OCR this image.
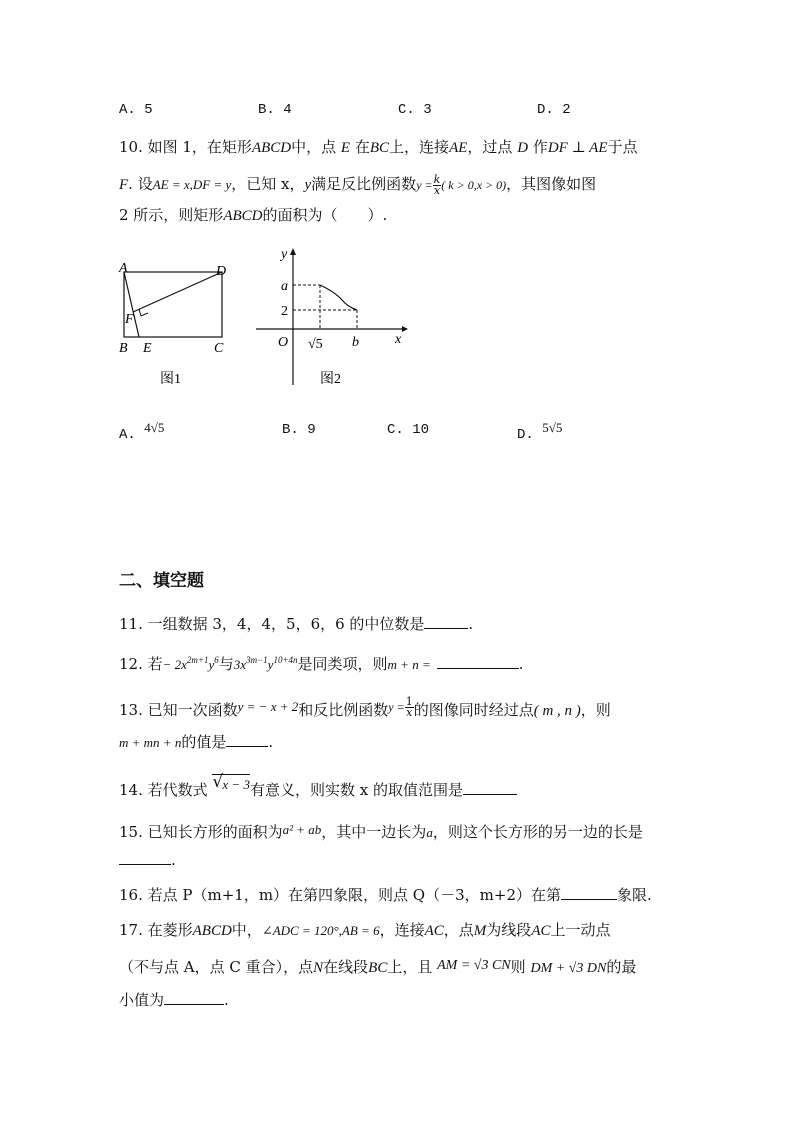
A. 5	B. 4	C. 3	D. 2
10. 如图 1，在矩形ABCD中，点 E 在BC上，连接AE，过点 D 作DF ⊥ AE于点
F. 设AE = x,DF = y，已知 x，y满足反比例函数$y = \frac{k}{x}$ ( k > 0,x > 0)，其图像如图
2 所示，则矩形ABCD的面积为（　　）.
A	D
F
B E	C
图1
y
a
2
O √5 b	x
图2
A. 4√5	B. 9	C. 10	D. 5√5
二、填空题
11. 一组数据 3，4，4，5，6，6 的中位数是	.
12. 若− $2x^{2m+1}y^6$与$3x^{3m-1}y^{10+4n}$是同类项，则m + n =	.
13. 已知一次函数y = − x + 2和反比例函数$^{y =} \frac{1}{x}$ 的图像同时经过点( m , n )，则
m + mn + n的值是	.
14. 若代数式 √ x − 3有意义，则实数 x 的取值范围是
15. 已知长方形的面积为a² + ab，其中一边长为a，则这个长方形的另一边的长是
.
16. 若点 P（m+1，m）在第四象限，则点 Q（－3，m+2）在第	象限.
17. 在菱形ABCD中，∠ADC = 120°,AB = 6，连接AC，点M为线段AC上一动点
（不与点 A，点 C 重合），点N在线段BC上，且 AM = √3 CN则 DM + √3 DN的最
小值为	.
